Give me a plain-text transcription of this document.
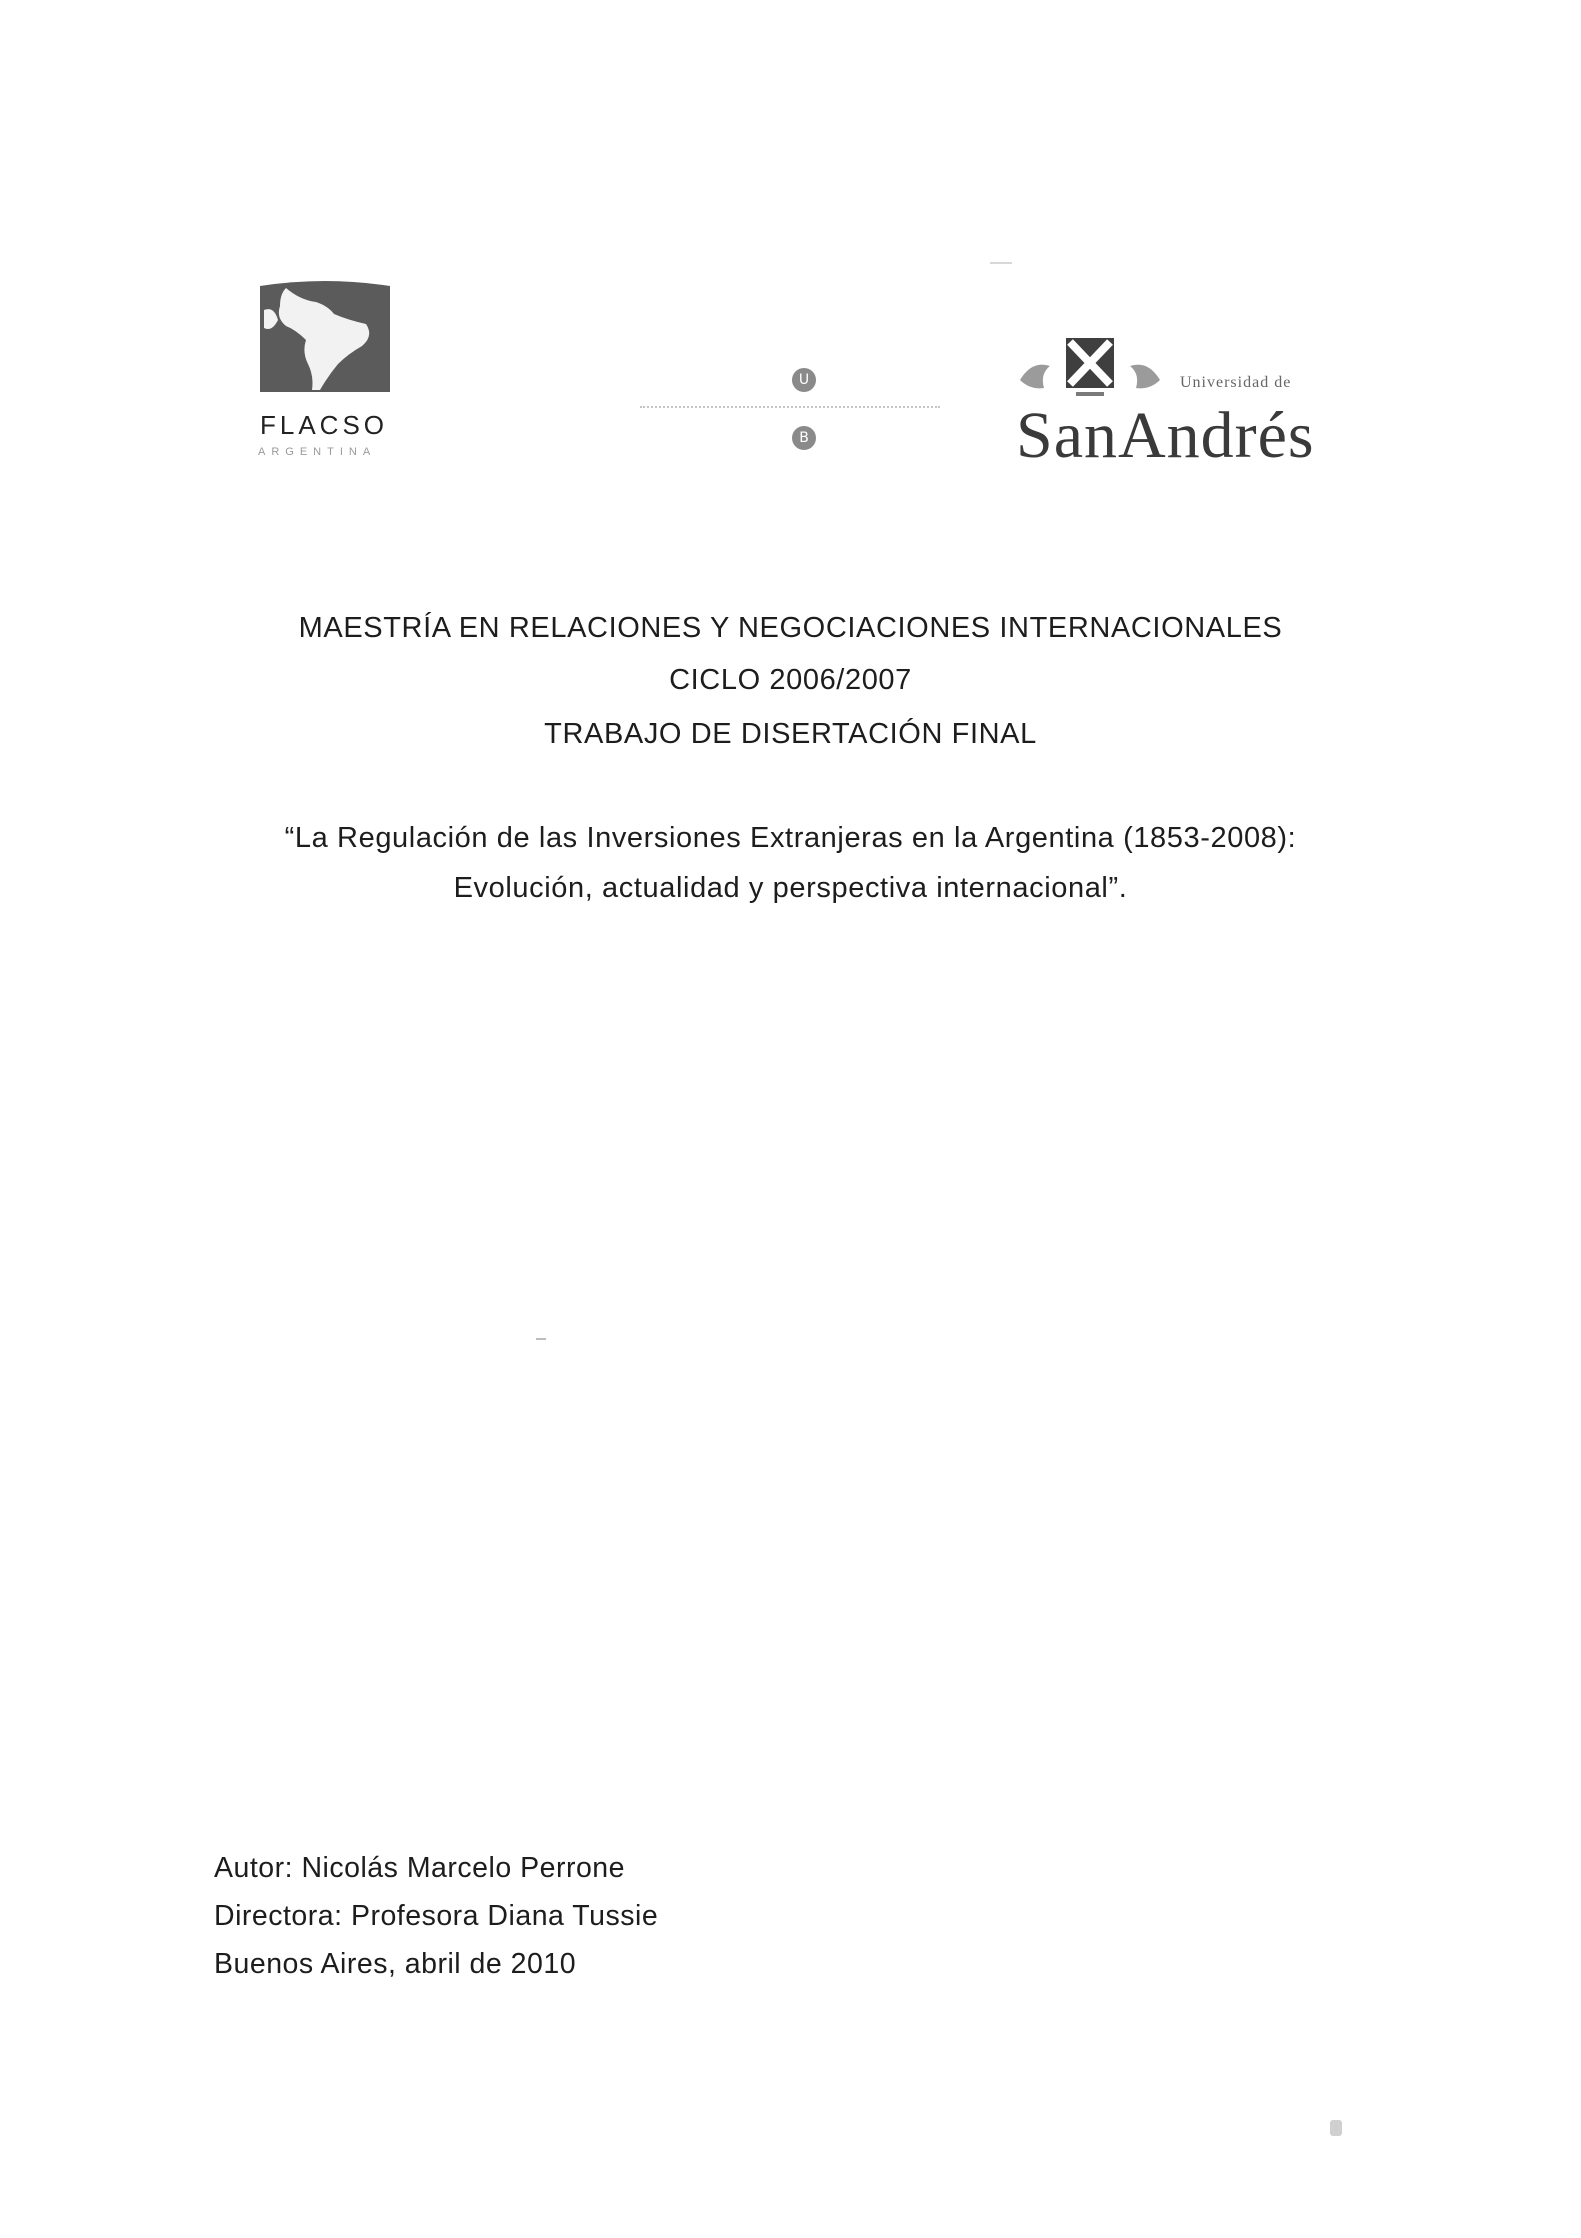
FLACSO
ARGENTINA
U
B
Universidad de
SanAndrés
MAESTRÍA EN RELACIONES Y NEGOCIACIONES INTERNACIONALES
CICLO 2006/2007
TRABAJO DE DISERTACIÓN FINAL
“La Regulación de las Inversiones Extranjeras en la Argentina (1853-2008):
Evolución, actualidad y perspectiva internacional”.
Autor: Nicolás Marcelo Perrone
Directora: Profesora Diana Tussie
Buenos Aires, abril de 2010
